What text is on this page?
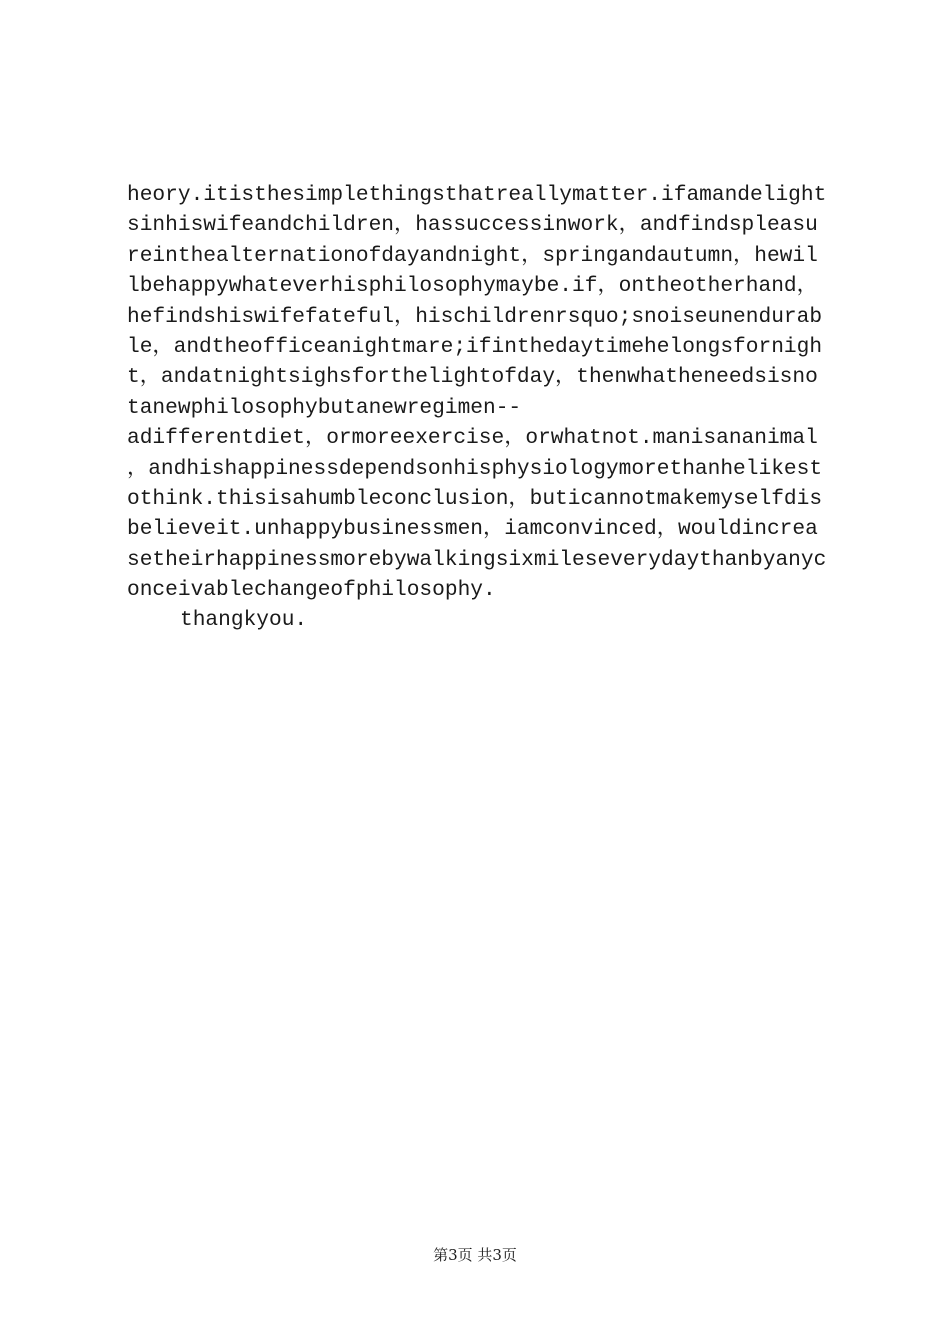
heory.itisthesimplethingsthatreallymatter.ifamandelight
sinhiswifeandchildren，hassuccessinwork，andfindspleasu
reinthealternationofdayandnight，springandautumn，hewil
lbehappywhateverhisphilosophymaybe.if，ontheotherhand，
hefindshiswifefateful，hischildrenrsquo;snoiseunendurab
le，andtheofficeanightmare;ifinthedaytimehelongsfornigh
t，andatnightsighsforthelightofday，thenwhatheneedsisno
tanewphilosophybutanewregimen--
adifferentdiet，ormoreexercise，orwhatnot.manisananimal
，andhishappinessdependsonhisphysiologymorethanhelikest
othink.thisisahumbleconclusion，buticannotmakemyselfdis
believeit.unhappybusinessmen，iamconvinced，wouldincrea
setheirhappinessmorebywalkingsixmileseverydaythanbyanyc
onceivablechangeofphilosophy.
thangkyou.
第3页 共3页
